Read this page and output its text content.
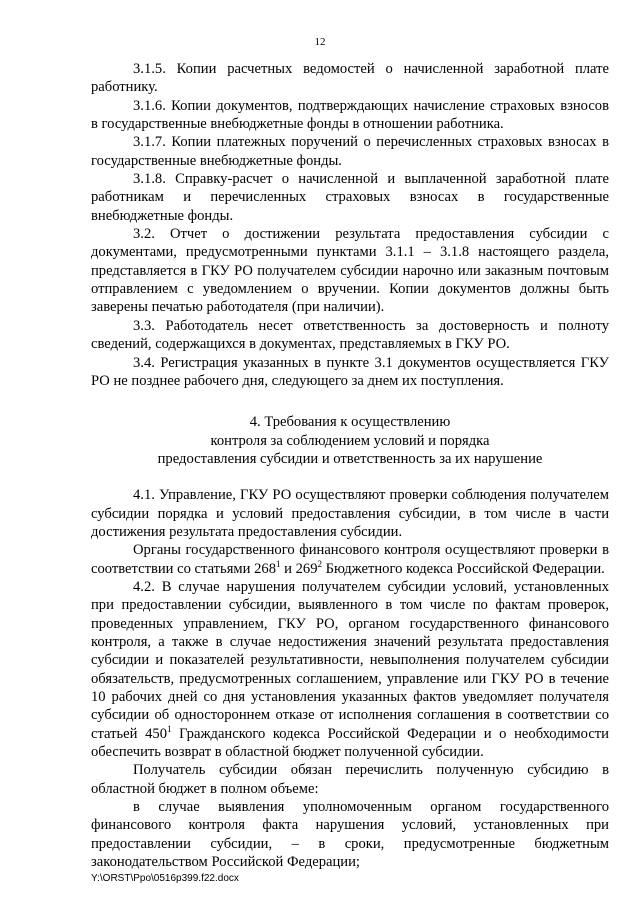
12

3.1.5. Копии расчетных ведомостей о начисленной заработной плате работнику.

3.1.6. Копии документов, подтверждающих начисление страховых взносов в государственные внебюджетные фонды в отношении работника.

3.1.7. Копии платежных поручений о перечисленных страховых взносах в государственные внебюджетные фонды.

3.1.8. Справку-расчет о начисленной и выплаченной заработной плате работникам и перечисленных страховых взносах в государственные внебюджетные фонды.

3.2. Отчет о достижении результата предоставления субсидии с документами, предусмотренными пунктами 3.1.1 – 3.1.8 настоящего раздела, представляется в ГКУ РО получателем субсидии нарочно или заказным почтовым отправлением с уведомлением о вручении. Копии документов должны быть заверены печатью работодателя (при наличии).

3.3. Работодатель несет ответственность за достоверность и полноту сведений, содержащихся в документах, представляемых в ГКУ РО.

3.4. Регистрация указанных в пункте 3.1 документов осуществляется ГКУ РО не позднее рабочего дня, следующего за днем их поступления.

4. Требования к осуществлению
контроля за соблюдением условий и порядка
предоставления субсидии и ответственность за их нарушение

4.1. Управление, ГКУ РО осуществляют проверки соблюдения получателем субсидии порядка и условий предоставления субсидии, в том числе в части достижения результата предоставления субсидии.

Органы государственного финансового контроля осуществляют проверки в соответствии со статьями $268^1$ и $269^2$ Бюджетного кодекса Российской Федерации.

4.2. В случае нарушения получателем субсидии условий, установленных при предоставлении субсидии, выявленного в том числе по фактам проверок, проведенных управлением, ГКУ РО, органом государственного финансового контроля, а также в случае недостижения значений результата предоставления субсидии и показателей результативности, невыполнения получателем субсидии обязательств, предусмотренных соглашением, управление или ГКУ РО в течение 10 рабочих дней со дня установления указанных фактов уведомляет получателя субсидии об одностороннем отказе от исполнения соглашения в соответствии со статьей $450^1$ Гражданского кодекса Российской Федерации и о необходимости обеспечить возврат в областной бюджет полученной субсидии.

Получатель субсидии обязан перечислить полученную субсидию в областной бюджет в полном объеме:

в случае выявления уполномоченным органом государственного финансового контроля факта нарушения условий, установленных при предоставлении субсидии, – в сроки, предусмотренные бюджетным законодательством Российской Федерации;

Y:\ORST\Ppo\0516p399.f22.docx
